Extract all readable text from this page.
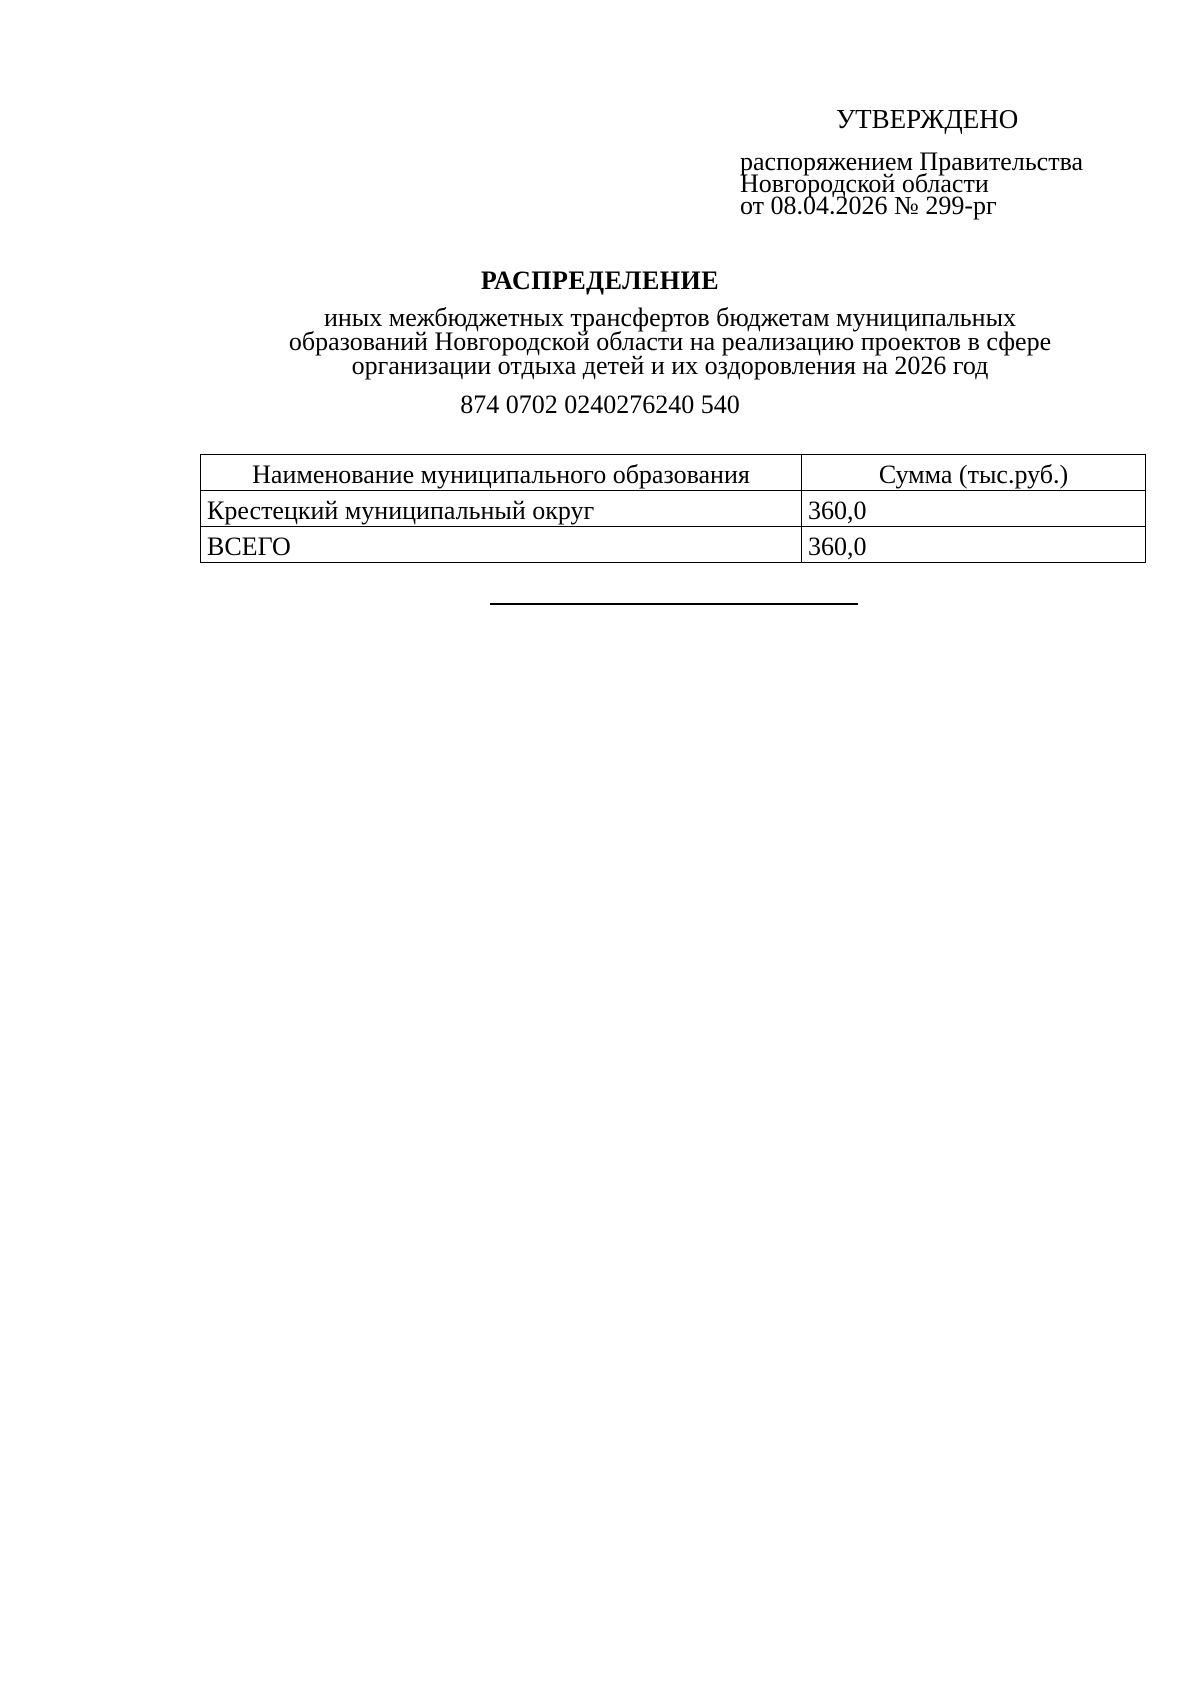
УТВЕРЖДЕНО
распоряжением Правительства
Новгородской области
от 08.04.2026 № 299-рг
РАСПРЕДЕЛЕНИЕ
иных межбюджетных трансфертов бюджетам муниципальных
образований Новгородской области на реализацию проектов в сфере
организации отдыха детей и их оздоровления на 2026 год
874 0702 0240276240 540
Наименование муниципального образования	Сумма (тыс.руб.)
Крестецкий муниципальный округ	360,0
ВСЕГО	360,0
